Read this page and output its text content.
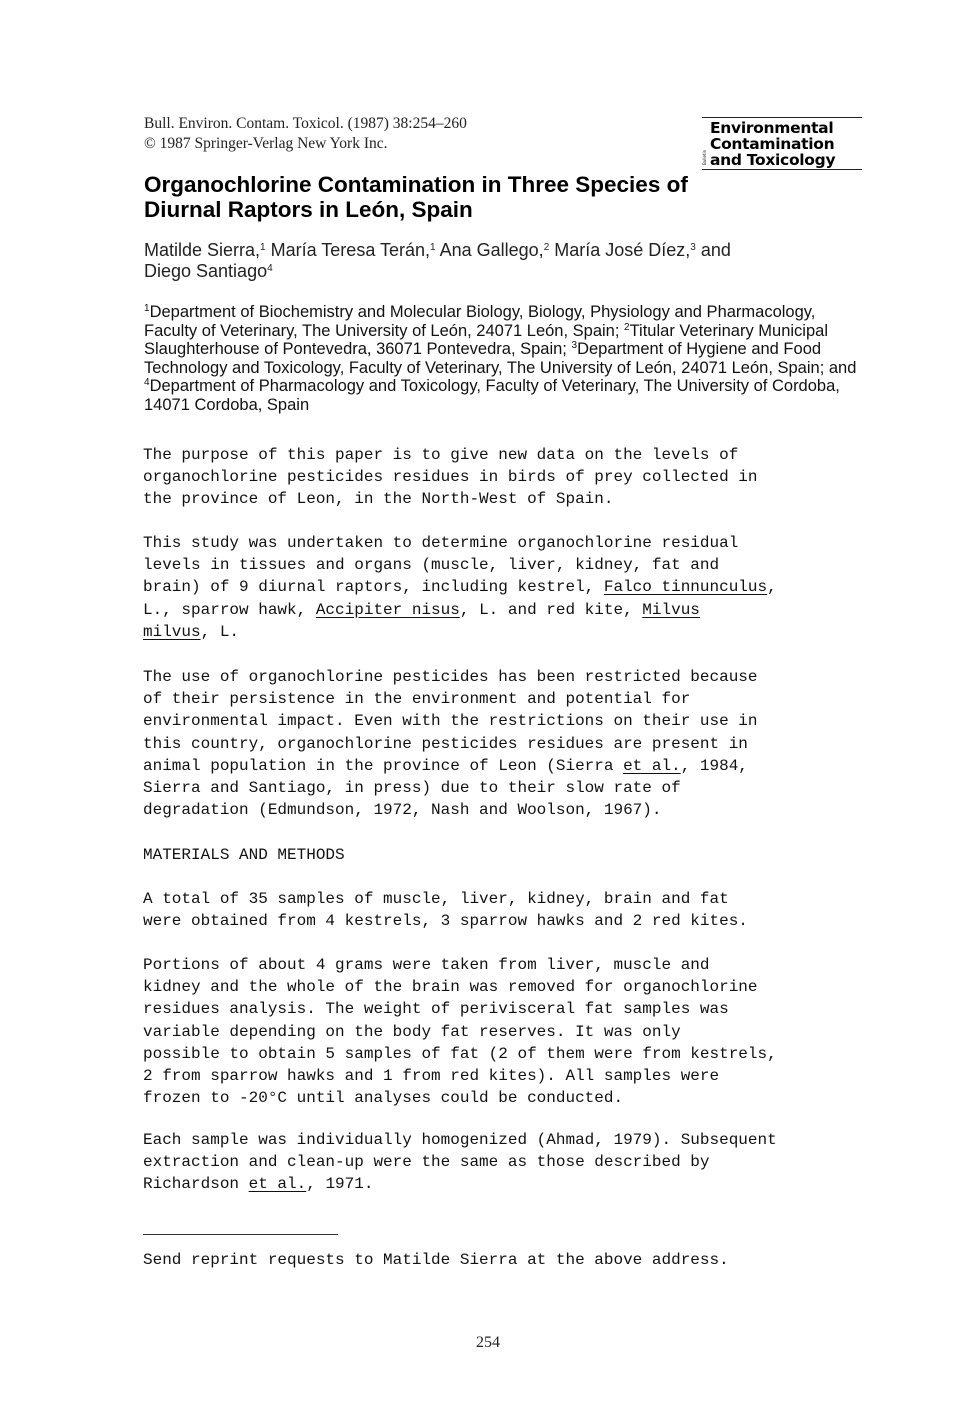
Bull. Environ. Contam. Toxicol. (1987) 38:254–260
© 1987 Springer-Verlag New York Inc.
Bulletin
Environmental
Contamination
and Toxicology
Organochlorine Contamination in Three Species of
Diurnal Raptors in León, Spain
Matilde Sierra,$^1$ María Teresa Terán,$^1$ Ana Gallego,$^2$ María José Díez,$^3$ and
Diego Santiago$^4$
$^1$Department of Biochemistry and Molecular Biology, Biology, Physiology and Pharmacology, Faculty of Veterinary, The University of León, 24071 León, Spain; $^2$Titular Veterinary Municipal Slaughterhouse of Pontevedra, 36071 Pontevedra, Spain; $^3$Department of Hygiene and Food Technology and Toxicology, Faculty of Veterinary, The University of León, 24071 León, Spain; and $^4$Department of Pharmacology and Toxicology, Faculty of Veterinary, The University of Cordoba, 14071 Cordoba, Spain
The purpose of this paper is to give new data on the levels of
organochlorine pesticides residues in birds of prey collected in
the province of Leon, in the North-West of Spain.
This study was undertaken to determine organochlorine residual
levels in tissues and organs (muscle, liver, kidney, fat and
brain) of 9 diurnal raptors, including kestrel, Falco tinnunculus,
L., sparrow hawk, Accipiter nisus, L. and red kite, Milvus
milvus, L.
The use of organochlorine pesticides has been restricted because
of their persistence in the environment and potential for
environmental impact. Even with the restrictions on their use in
this country, organochlorine pesticides residues are present in
animal population in the province of Leon (Sierra et al., 1984,
Sierra and Santiago, in press) due to their slow rate of
degradation (Edmundson, 1972, Nash and Woolson, 1967).
MATERIALS AND METHODS
A total of 35 samples of muscle, liver, kidney, brain and fat
were obtained from 4 kestrels, 3 sparrow hawks and 2 red kites.
Portions of about 4 grams were taken from liver, muscle and
kidney and the whole of the brain was removed for organochlorine
residues analysis. The weight of perivisceral fat samples was
variable depending on the body fat reserves. It was only
possible to obtain 5 samples of fat (2 of them were from kestrels,
2 from sparrow hawks and 1 from red kites). All samples were
frozen to -20°C until analyses could be conducted.
Each sample was individually homogenized (Ahmad, 1979). Subsequent
extraction and clean-up were the same as those described by
Richardson et al., 1971.
Send reprint requests to Matilde Sierra at the above address.
254
